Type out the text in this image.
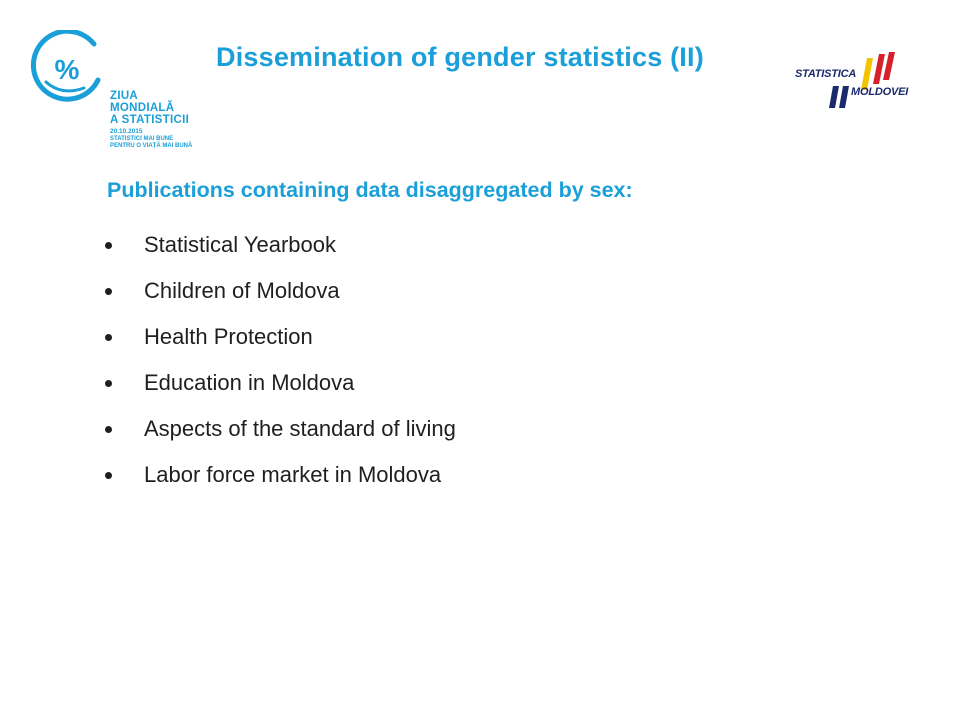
%
ZIUA
MONDIALĂ
A STATISTICII
20.10.2015
STATISTICI MAI BUNE
PENTRU O VIAȚĂ MAI BUNĂ
Dissemination of gender statistics (II)
STATISTICA
MOLDOVEI
Publications containing data disaggregated by sex:
Statistical Yearbook
Children of Moldova
Health Protection
Education in Moldova
Aspects of the standard of living
Labor force market in Moldova
